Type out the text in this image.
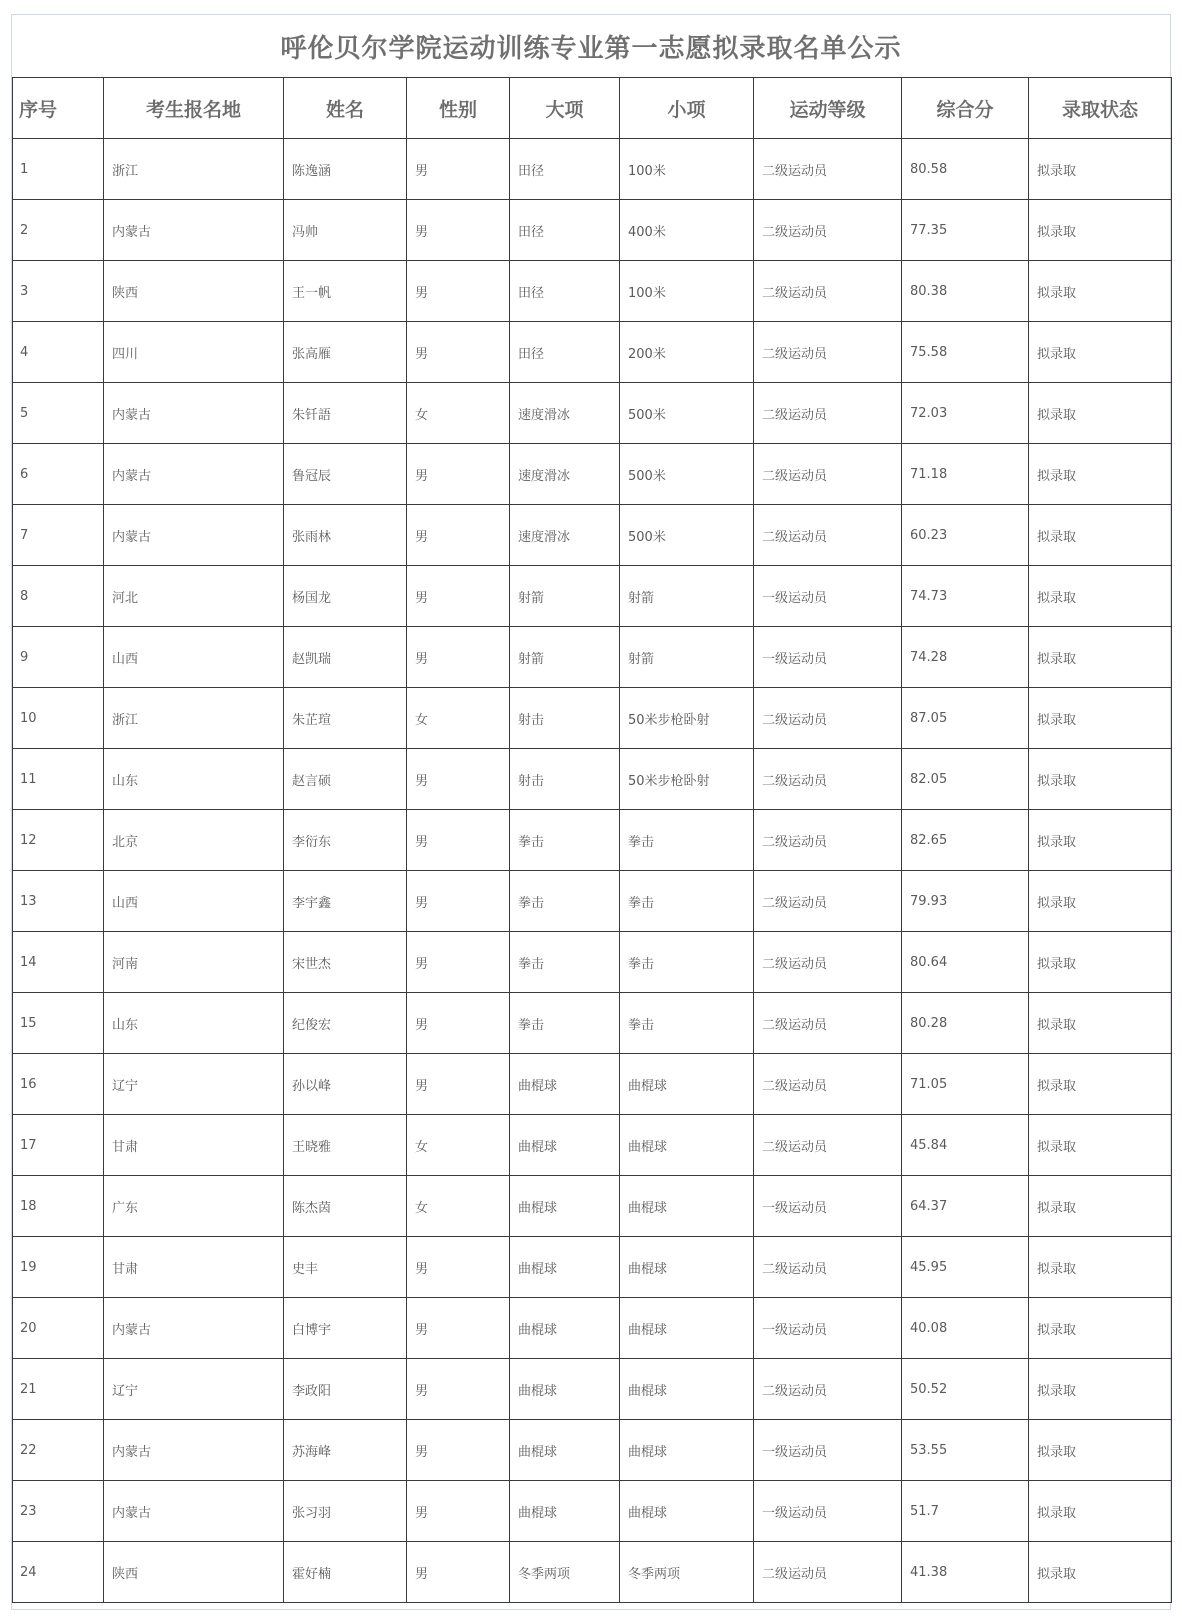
呼伦贝尔学院运动训练专业第一志愿拟录取名单公示
序号	考生报名地	姓名	性别	大项	小项	运动等级	综合分	录取状态
1	浙江	陈逸涵	男	田径	100米	二级运动员	80.58	拟录取
2	内蒙古	冯帅	男	田径	400米	二级运动员	77.35	拟录取
3	陕西	王一帆	男	田径	100米	二级运动员	80.38	拟录取
4	四川	张高雁	男	田径	200米	二级运动员	75.58	拟录取
5	内蒙古	朱钎語	女	速度滑冰	500米	二级运动员	72.03	拟录取
6	内蒙古	鲁冠辰	男	速度滑冰	500米	二级运动员	71.18	拟录取
7	内蒙古	张雨林	男	速度滑冰	500米	二级运动员	60.23	拟录取
8	河北	杨国龙	男	射箭	射箭	一级运动员	74.73	拟录取
9	山西	赵凯瑞	男	射箭	射箭	一级运动员	74.28	拟录取
10	浙江	朱芷瑄	女	射击	50米步枪卧射	二级运动员	87.05	拟录取
11	山东	赵言硕	男	射击	50米步枪卧射	二级运动员	82.05	拟录取
12	北京	李衍东	男	拳击	拳击	二级运动员	82.65	拟录取
13	山西	李宇鑫	男	拳击	拳击	二级运动员	79.93	拟录取
14	河南	宋世杰	男	拳击	拳击	二级运动员	80.64	拟录取
15	山东	纪俊宏	男	拳击	拳击	二级运动员	80.28	拟录取
16	辽宁	孙以峰	男	曲棍球	曲棍球	二级运动员	71.05	拟录取
17	甘肃	王晓雅	女	曲棍球	曲棍球	二级运动员	45.84	拟录取
18	广东	陈杰茵	女	曲棍球	曲棍球	一级运动员	64.37	拟录取
19	甘肃	史丰	男	曲棍球	曲棍球	二级运动员	45.95	拟录取
20	内蒙古	白博宇	男	曲棍球	曲棍球	一级运动员	40.08	拟录取
21	辽宁	李政阳	男	曲棍球	曲棍球	二级运动员	50.52	拟录取
22	内蒙古	苏海峰	男	曲棍球	曲棍球	一级运动员	53.55	拟录取
23	内蒙古	张习羽	男	曲棍球	曲棍球	一级运动员	51.7	拟录取
24	陕西	霍好楠	男	冬季两项	冬季两项	二级运动员	41.38	拟录取
